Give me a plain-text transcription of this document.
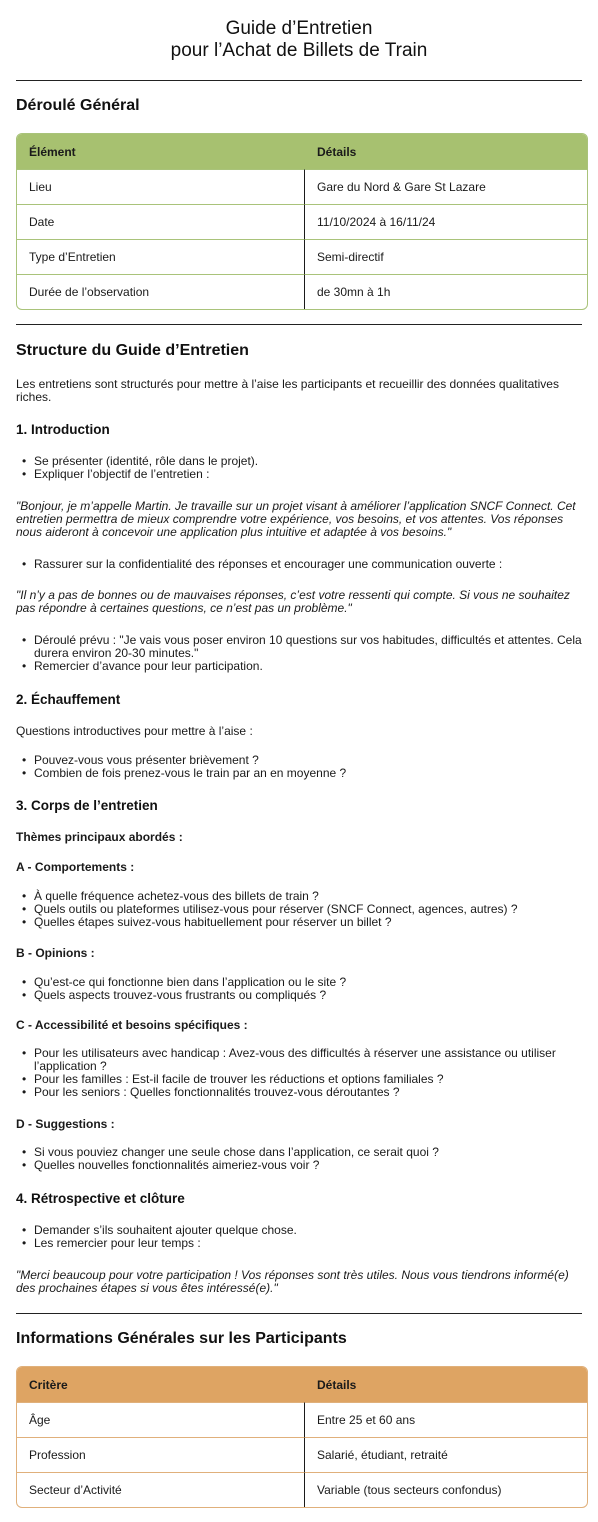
Guide d’Entretien
pour l’Achat de Billets de Train
Déroulé Général
Élément	Détails
Lieu	Gare du Nord & Gare St Lazare
Date	11/10/2024 à 16/11/24
Type d’Entretien	Semi-directif
Durée de l’observation	de 30mn à 1h
Structure du Guide d’Entretien

Les entretiens sont structurés pour mettre à l’aise les participants et recueillir des données qualitatives riches.

1. Introduction
• Se présenter (identité, rôle dans le projet).
• Expliquer l’objectif de l’entretien :

"Bonjour, je m’appelle Martin. Je travaille sur un projet visant à améliorer l’application SNCF Connect. Cet entretien permettra de mieux comprendre votre expérience, vos besoins, et vos attentes. Vos réponses nous aideront à concevoir une application plus intuitive et adaptée à vos besoins."

• Rassurer sur la confidentialité des réponses et encourager une communication ouverte :

"Il n’y a pas de bonnes ou de mauvaises réponses, c’est votre ressenti qui compte. Si vous ne souhaitez pas répondre à certaines questions, ce n’est pas un problème."

• Déroulé prévu : "Je vais vous poser environ 10 questions sur vos habitudes, difficultés et attentes. Cela durera environ 20-30 minutes."
• Remercier d’avance pour leur participation.
2. Échauffement

Questions introductives pour mettre à l’aise :

• Pouvez-vous vous présenter brièvement ?
• Combien de fois prenez-vous le train par an en moyenne ?
3. Corps de l’entretien

Thèmes principaux abordés :

A - Comportements :

• À quelle fréquence achetez-vous des billets de train ?
• Quels outils ou plateformes utilisez-vous pour réserver (SNCF Connect, agences, autres) ?
• Quelles étapes suivez-vous habituellement pour réserver un billet ?

B - Opinions :

• Qu’est-ce qui fonctionne bien dans l’application ou le site ?
• Quels aspects trouvez-vous frustrants ou compliqués ?

C - Accessibilité et besoins spécifiques :

• Pour les utilisateurs avec handicap : Avez-vous des difficultés à réserver une assistance ou utiliser l’application ?
• Pour les familles : Est-il facile de trouver les réductions et options familiales ?
• Pour les seniors : Quelles fonctionnalités trouvez-vous déroutantes ?

D - Suggestions :

• Si vous pouviez changer une seule chose dans l’application, ce serait quoi ?
• Quelles nouvelles fonctionnalités aimeriez-vous voir ?
4. Rétrospective et clôture
• Demander s’ils souhaitent ajouter quelque chose.
• Les remercier pour leur temps :

"Merci beaucoup pour votre participation ! Vos réponses sont très utiles. Nous vous tiendrons informé(e) des prochaines étapes si vous êtes intéressé(e)."

Informations Générales sur les Participants
Critère	Détails
Âge	Entre 25 et 60 ans
Profession	Salarié, étudiant, retraité
Secteur d’Activité	Variable (tous secteurs confondus)
